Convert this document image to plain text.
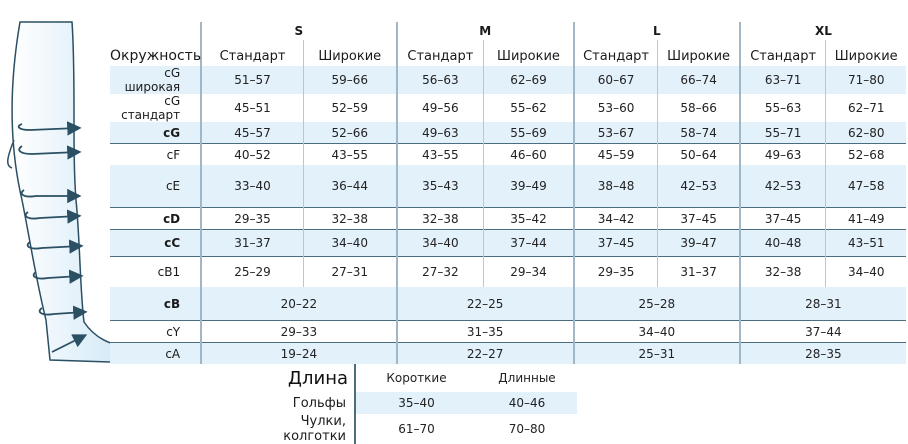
	S		M		L		XL	
Окружность	Стандарт	Широкие	Стандарт	Широкие	Стандарт	Широкие	Стандарт	Широкие
cG широкая	51–57	59–66	56–63	62–69	60–67	66–74	63–71	71–80
cG стандарт	45–51	52–59	49–56	55–62	53–60	58–66	55–63	62–71
cG	45–57	52–66	49–63	55–69	53–67	58–74	55–71	62–80
cF	40–52	43–55	43–55	46–60	45–59	50–64	49–63	52–68
cE	33–40	36–44	35–43	39–49	38–48	42–53	42–53	47–58
cD	29–35	32–38	32–38	35–42	34–42	37–45	37–45	41–49
cC	31–37	34–40	34–40	37–44	37–45	39–47	40–48	43–51
cB1	25–29	27–31	27–32	29–34	29–35	31–37	32–38	34–40
cB	20–22		22–25		25–28		28–31	
cY	29–33		31–35		34–40		37–44	
cA	19–24		22–27		25–31		28–35	
Длина	Короткие	Длинные
Гольфы	35–40	40–46
Чулки, колготки	61–70	70–80
